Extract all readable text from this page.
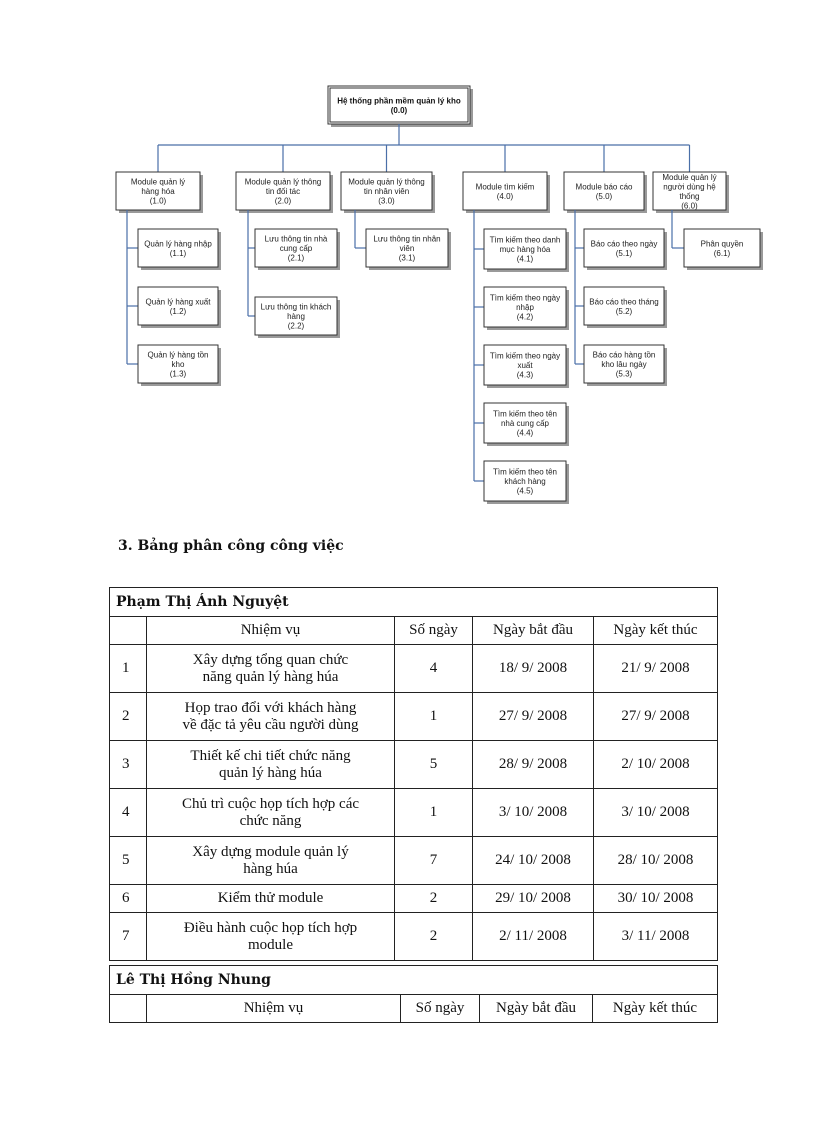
Hệ thống phần mềm quản lý kho
(0.0)
Module quản lý
hàng hóa
(1.0)
Module quản lý thông
tin đối tác
(2.0)
Module quản lý thông
tin nhân viên
(3.0)
Module tìm kiếm
(4.0)
Module báo cáo
(5.0)
Module quản lý
người dùng hệ
thống
(6.0)
Quản lý hàng nhập
(1.1)
Quản lý hàng xuất
(1.2)
Quản lý hàng tồn
kho
(1.3)
Lưu thông tin nhà
cung cấp
(2.1)
Lưu thông tin khách
hàng
(2.2)
Lưu thông tin nhân
viên
(3.1)
Tìm kiếm theo danh
mục hàng hóa
(4.1)
Tìm kiếm theo ngày
nhập
(4.2)
Tìm kiếm theo ngày
xuất
(4.3)
Tìm kiếm theo tên
nhà cung cấp
(4.4)
Tìm kiếm theo tên
khách hàng
(4.5)
Báo cáo theo ngày
(5.1)
Báo cáo theo tháng
(5.2)
Báo cáo hàng tồn
kho lâu ngày
(5.3)
Phân quyền
(6.1)
3. Bảng phân công công việc
Phạm Thị Ánh Nguyệt				
	Nhiệm vụ	Số ngày	Ngày bắt đầu	Ngày kết thúc
1	Xây dựng tổng quan chức
năng quản lý hàng húa	4	18/ 9/ 2008	21/ 9/ 2008
2	Họp trao đổi với khách hàng
về đặc tả yêu cầu người dùng	1	27/ 9/ 2008	27/ 9/ 2008
3	Thiết kế chi tiết chức năng
quản lý hàng húa	5	28/ 9/ 2008	2/ 10/ 2008
4	Chủ trì cuộc họp tích hợp các
chức năng	1	3/ 10/ 2008	3/ 10/ 2008
5	Xây dựng module quản lý
hàng húa	7	24/ 10/ 2008	28/ 10/ 2008
6	Kiểm thử module	2	29/ 10/ 2008	30/ 10/ 2008
7	Điều hành cuộc họp tích hợp
module	2	2/ 11/ 2008	3/ 11/ 2008
Lê Thị Hồng Nhung
	Nhiệm vụ	Số ngày	Ngày bắt đầu	Ngày kết thúc
